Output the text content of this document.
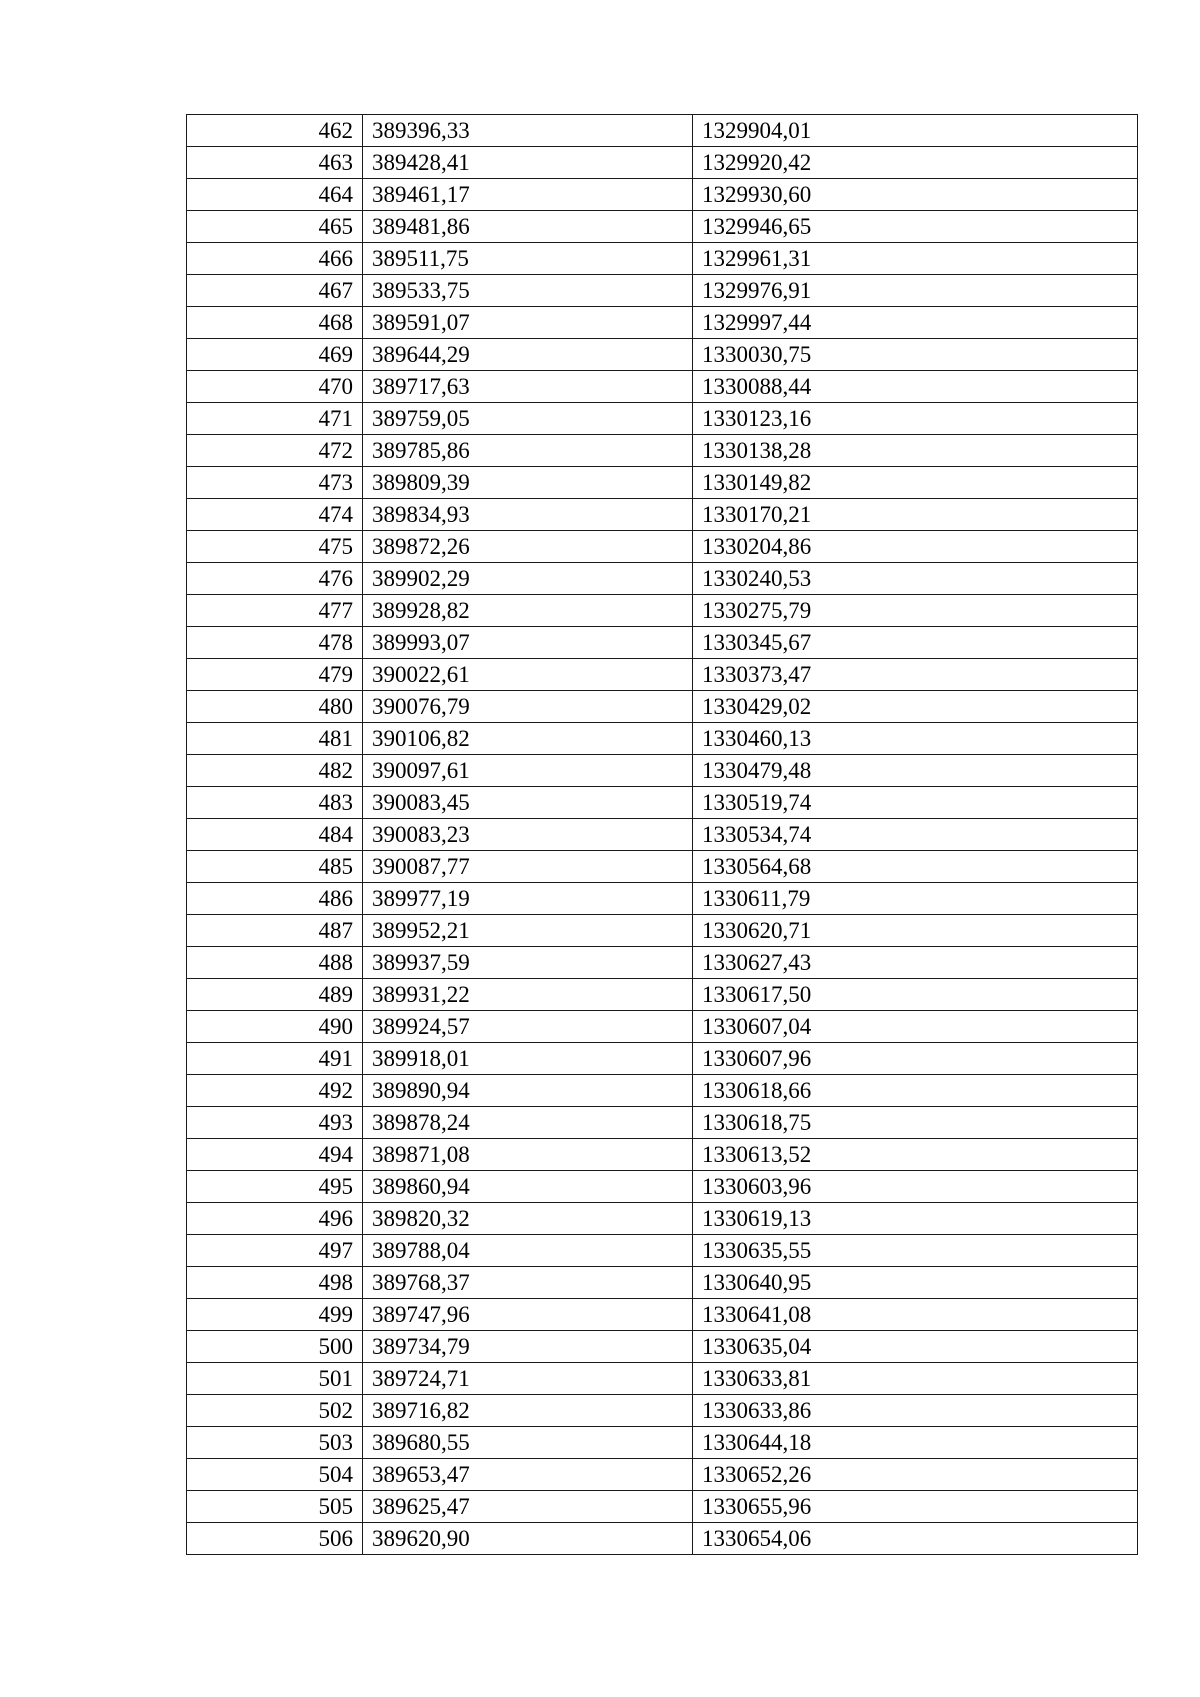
462	389396,33	1329904,01
463	389428,41	1329920,42
464	389461,17	1329930,60
465	389481,86	1329946,65
466	389511,75	1329961,31
467	389533,75	1329976,91
468	389591,07	1329997,44
469	389644,29	1330030,75
470	389717,63	1330088,44
471	389759,05	1330123,16
472	389785,86	1330138,28
473	389809,39	1330149,82
474	389834,93	1330170,21
475	389872,26	1330204,86
476	389902,29	1330240,53
477	389928,82	1330275,79
478	389993,07	1330345,67
479	390022,61	1330373,47
480	390076,79	1330429,02
481	390106,82	1330460,13
482	390097,61	1330479,48
483	390083,45	1330519,74
484	390083,23	1330534,74
485	390087,77	1330564,68
486	389977,19	1330611,79
487	389952,21	1330620,71
488	389937,59	1330627,43
489	389931,22	1330617,50
490	389924,57	1330607,04
491	389918,01	1330607,96
492	389890,94	1330618,66
493	389878,24	1330618,75
494	389871,08	1330613,52
495	389860,94	1330603,96
496	389820,32	1330619,13
497	389788,04	1330635,55
498	389768,37	1330640,95
499	389747,96	1330641,08
500	389734,79	1330635,04
501	389724,71	1330633,81
502	389716,82	1330633,86
503	389680,55	1330644,18
504	389653,47	1330652,26
505	389625,47	1330655,96
506	389620,90	1330654,06
